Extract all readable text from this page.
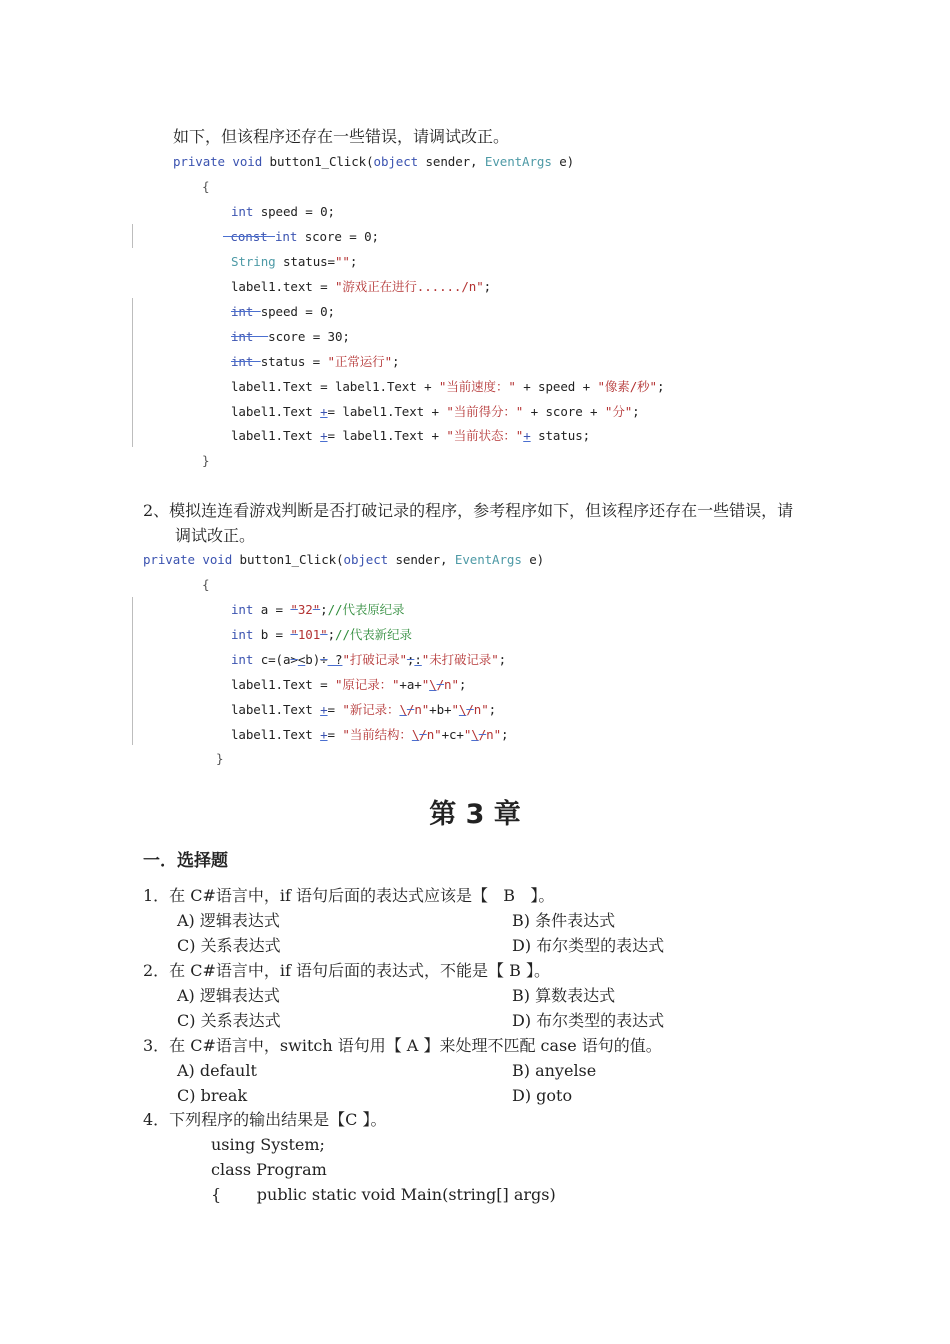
如下，但该程序还存在一些错误，请调试改正。
private void button1_Click(object sender, EventArgs e)
{
int speed = 0;
const int score = 0;
String status="";
label1.text = "游戏正在进行....../n";
int speed = 0;
int  score = 30;
int status = "正常运行";
label1.Text = label1.Text + "当前速度：" + speed + "像素/秒";
label1.Text += label1.Text + "当前得分：" + score + "分";
label1.Text += label1.Text + "当前状态："+ status;
}
2、模拟连连看游戏判断是否打破记录的程序，参考程序如下，但该程序还存在一些错误，请
调试改正。
private void button1_Click(object sender, EventArgs e)
{
int a = "32";//代表原纪录
int b = "101";//代表新纪录
int c=(a><b)÷ ?"打破记录";:"未打破记录";
label1.Text = "原记录："+a+"\/n";
label1.Text += "新记录：\/n"+b+"\/n";
label1.Text += "当前结构：\/n"+c+"\/n";
}
第 3 章
一．选择题
1．在 C#语言中，if 语句后面的表达式应该是【   B   】。
A) 逻辑表达式	B) 条件表达式
C) 关系表达式	D) 布尔类型的表达式
2．在 C#语言中，if 语句后面的表达式，不能是【 B 】。
A) 逻辑表达式	B) 算数表达式
C) 关系表达式	D) 布尔类型的表达式
3．在 C#语言中，switch 语句用【 A 】来处理不匹配 case 语句的值。
A) default	B) anyelse
C) break	D) goto
4．下列程序的输出结果是【C 】。
using System;
class Program
{       public static void Main(string[] args)
